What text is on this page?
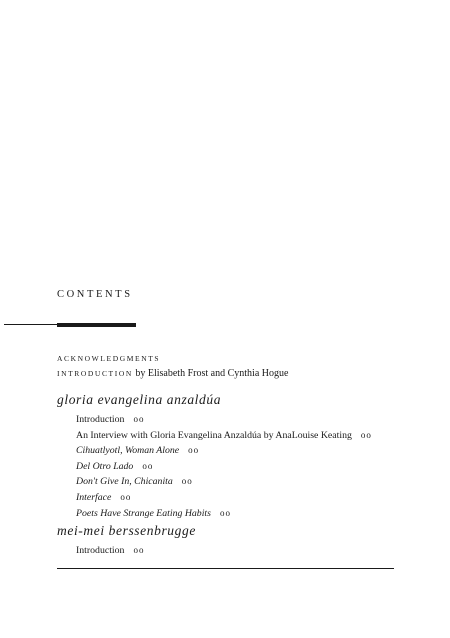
CONTENTS
ACKNOWLEDGMENTS
INTRODUCTION by Elisabeth Frost and Cynthia Hogue
gloria evangelina anzaldúa
Introduction oo
An Interview with Gloria Evangelina Anzaldúa by AnaLouise Keating oo
Cihuatlyotl, Woman Alone oo
Del Otro Lado oo
Don't Give In, Chicanita oo
Interface oo
Poets Have Strange Eating Habits oo
mei-mei berssenbrugge
Introduction oo
